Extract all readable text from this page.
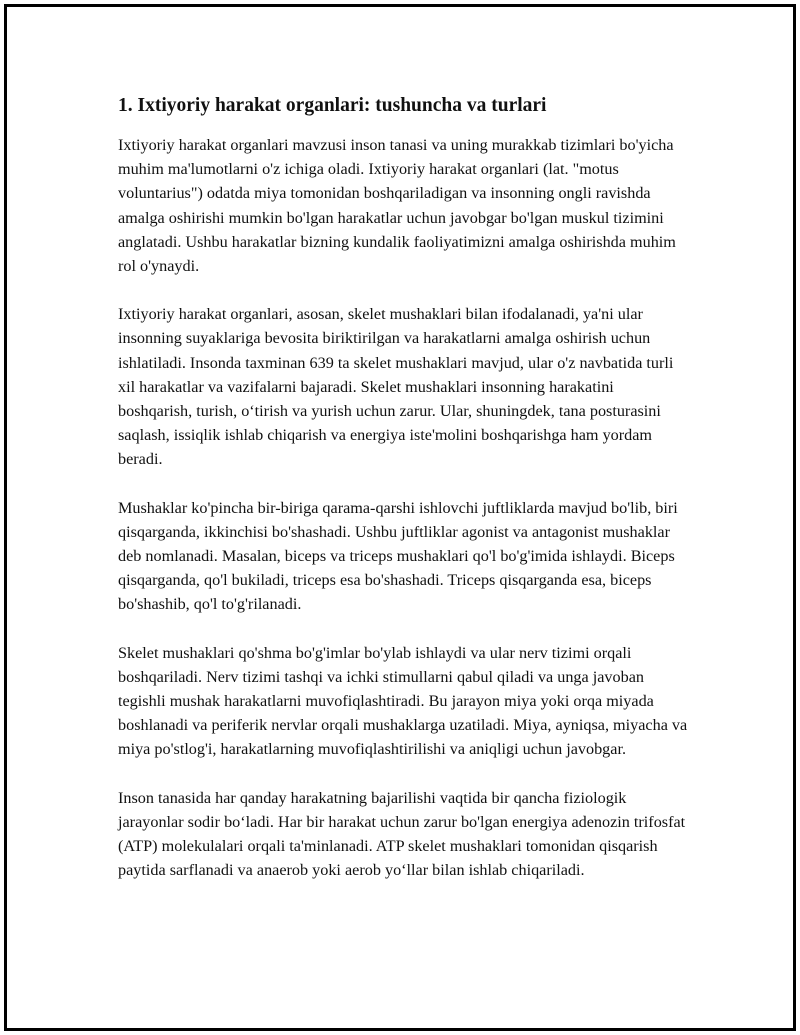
1. Ixtiyoriy harakat organlari: tushuncha va turlari

Ixtiyoriy harakat organlari mavzusi inson tanasi va uning murakkab tizimlari bo'yicha muhim ma'lumotlarni o'z ichiga oladi. Ixtiyoriy harakat organlari (lat. "motus voluntarius") odatda miya tomonidan boshqariladigan va insonning ongli ravishda amalga oshirishi mumkin bo'lgan harakatlar uchun javobgar bo'lgan muskul tizimini anglatadi. Ushbu harakatlar bizning kundalik faoliyatimizni amalga oshirishda muhim rol o'ynaydi.

Ixtiyoriy harakat organlari, asosan, skelet mushaklari bilan ifodalanadi, ya'ni ular insonning suyaklariga bevosita biriktirilgan va harakatlarni amalga oshirish uchun ishlatiladi. Insonda taxminan 639 ta skelet mushaklari mavjud, ular o'z navbatida turli xil harakatlar va vazifalarni bajaradi. Skelet mushaklari insonning harakatini boshqarish, turish, o‘tirish va yurish uchun zarur. Ular, shuningdek, tana posturasini saqlash, issiqlik ishlab chiqarish va energiya iste'molini boshqarishga ham yordam beradi.

Mushaklar ko'pincha bir-biriga qarama-qarshi ishlovchi juftliklarda mavjud bo'lib, biri qisqarganda, ikkinchisi bo'shashadi. Ushbu juftliklar agonist va antagonist mushaklar deb nomlanadi. Masalan, biceps va triceps mushaklari qo'l bo'g'imida ishlaydi. Biceps qisqarganda, qo'l bukiladi, triceps esa bo'shashadi. Triceps qisqarganda esa, biceps bo'shashib, qo'l to'g'rilanadi.

Skelet mushaklari qo'shma bo'g'imlar bo'ylab ishlaydi va ular nerv tizimi orqali boshqariladi. Nerv tizimi tashqi va ichki stimullarni qabul qiladi va unga javoban tegishli mushak harakatlarni muvofiqlashtiradi. Bu jarayon miya yoki orqa miyada boshlanadi va periferik nervlar orqali mushaklarga uzatiladi. Miya, ayniqsa, miyacha va miya po'stlog'i, harakatlarning muvofiqlashtirilishi va aniqligi uchun javobgar.

Inson tanasida har qanday harakatning bajarilishi vaqtida bir qancha fiziologik jarayonlar sodir bo‘ladi. Har bir harakat uchun zarur bo'lgan energiya adenozin trifosfat (ATP) molekulalari orqali ta'minlanadi. ATP skelet mushaklari tomonidan qisqarish paytida sarflanadi va anaerob yoki aerob yo‘llar bilan ishlab chiqariladi.
